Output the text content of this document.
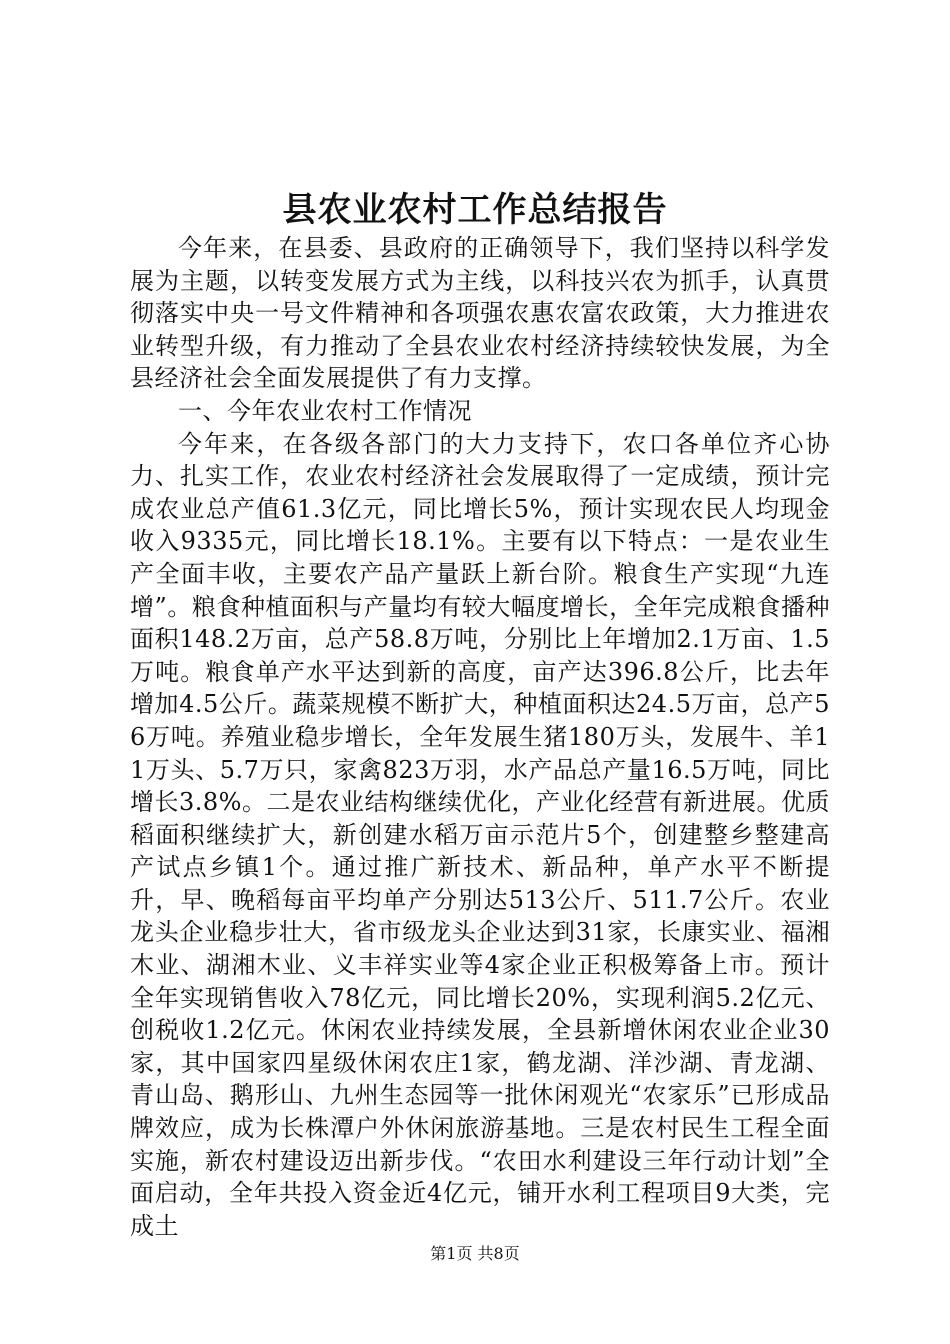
县农业农村工作总结报告

今年来，在县委、县政府的正确领导下，我们坚持以科学发展为主题，以转变发展方式为主线，以科技兴农为抓手，认真贯彻落实中央一号文件精神和各项强农惠农富农政策，大力推进农业转型升级，有力推动了全县农业农村经济持续较快发展，为全县经济社会全面发展提供了有力支撑。

一、今年农业农村工作情况

今年来，在各级各部门的大力支持下，农口各单位齐心协力、扎实工作，农业农村经济社会发展取得了一定成绩，预计完成农业总产值61.3亿元，同比增长5%，预计实现农民人均现金收入9335元，同比增长18.1%。主要有以下特点：一是农业生产全面丰收，主要农产品产量跃上新台阶。粮食生产实现“九连增”。粮食种植面积与产量均有较大幅度增长，全年完成粮食播种面积148.2万亩，总产58.8万吨，分别比上年增加2.1万亩、1.5万吨。粮食单产水平达到新的高度，亩产达396.8公斤，比去年增加4.5公斤。蔬菜规模不断扩大，种植面积达24.5万亩，总产56万吨。养殖业稳步增长，全年发展生猪180万头，发展牛、羊11万头、5.7万只，家禽823万羽，水产品总产量16.5万吨，同比增长3.8%。二是农业结构继续优化，产业化经营有新进展。优质稻面积继续扩大，新创建水稻万亩示范片5个，创建整乡整建高产试点乡镇1个。通过推广新技术、新品种，单产水平不断提升，早、晚稻每亩平均单产分别达513公斤、511.7公斤。农业龙头企业稳步壮大，省市级龙头企业达到31家，长康实业、福湘木业、湖湘木业、义丰祥实业等4家企业正积极筹备上市。预计全年实现销售收入78亿元，同比增长20%，实现利润5.2亿元、创税收1.2亿元。休闲农业持续发展，全县新增休闲农业企业30家，其中国家四星级休闲农庄1家，鹤龙湖、洋沙湖、青龙湖、青山岛、鹅形山、九州生态园等一批休闲观光“农家乐”已形成品牌效应，成为长株潭户外休闲旅游基地。三是农村民生工程全面实施，新农村建设迈出新步伐。“农田水利建设三年行动计划”全面启动，全年共投入资金近4亿元，铺开水利工程项目9大类，完成土

第1页 共8页
